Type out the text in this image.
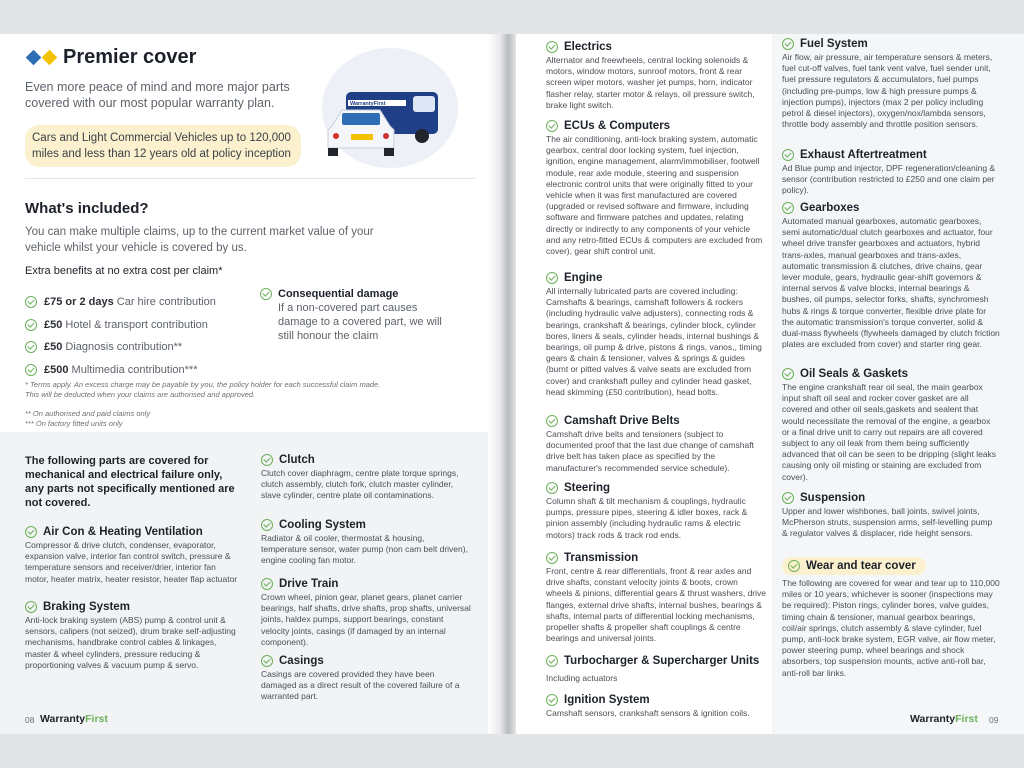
Premier cover
Even more peace of mind and more major parts covered with our most popular warranty plan.
Cars and Light Commercial Vehicles up to 120,000 miles and less than 12 years old at policy inception
WarrantyFirst
What's included?
You can make multiple claims, up to the current market value of your vehicle whilst your vehicle is covered by us.
Extra benefits at no extra cost per claim*
£75 or 2 days Car hire contribution
£50 Hotel & transport contribution
£50 Diagnosis contribution**
£500 Multimedia contribution***
Consequential damage
If a non-covered part causes damage to a covered part, we will still honour the claim
* Terms apply. An excess charge may be payable by you, the policy holder for each successful claim made. This will be deducted when your claims are authorised and approved.
** On authorised and paid claims only
*** On factory fitted units only
The following parts are covered for mechanical and electrical failure only, any parts not specifically mentioned are not covered.
Air Con & Heating Ventilation
Compressor & drive clutch, condenser, evaporator, expansion valve, interior fan control switch, pressure & temperature sensors and receiver/drier, interior fan motor, heater matrix, heater resistor, heater flap actuator
Braking System
Anti-lock braking system (ABS) pump & control unit & sensors, calipers (not seized), drum brake self-adjusting mechanisms, handbrake control cables & linkages, master & wheel cylinders, pressure reducing & proportioning valves & vacuum pump & servo.
Clutch
Clutch cover diaphragm, centre plate torque springs, clutch assembly, clutch fork, clutch master cylinder, slave cylinder, centre plate oil contaminations.
Cooling System
Radiator & oil cooler, thermostat & housing, temperature sensor, water pump (non cam belt driven), engine cooling fan motor.
Drive Train
Crown wheel, pinion gear, planet gears, planet carrier bearings, half shafts, drive shafts, prop shafts, universal joints, haldex pumps, support bearings, constant velocity joints, casings (if damaged by an internal component).
Casings
Casings are covered provided they have been damaged as a direct result of the covered failure of a warranted part.
08 WarrantyFirst
Electrics
Alternator and freewheels, central locking solenoids & motors, window motors, sunroof motors, front & rear screen wiper motors, washer jet pumps, horn, indicator flasher relay, starter motor & relays, oil pressure switch, brake light switch.
ECUs & Computers
The air conditioning, anti-lock braking system, automatic gearbox, central door locking system, fuel injection, ignition, engine management, alarm/immobiliser, footwell module, rear axle module, steering and suspension electronic control units that were originally fitted to your vehicle when it was first manufactured are covered (upgraded or revised software and firmware, including software and firmware patches and updates, relating directly or indirectly to any components of your vehicle and any retro-fitted ECUs & computers are excluded from cover), gear shift control unit.
Engine
All internally lubricated parts are covered including: Camshafts & bearings, camshaft followers & rockers (including hydraulic valve adjusters), connecting rods & bearings, crankshaft & bearings, cylinder block, cylinder bores, liners & seals, cylinder heads, internal bushings & bearings, oil pump & drive, pistons & rings, vanos,, timing gears & chain & tensioner, valves & springs & guides (burnt or pitted valves & valve seats are excluded from cover) and crankshaft pulley and cylinder head gasket, head skimming (£50 contribution), head bolts.
Camshaft Drive Belts
Camshaft drive belts and tensioners (subject to documented proof that the last due change of camshaft drive belt has taken place as specified by the manufacturer's recommended service schedule).
Steering
Column shaft & tilt mechanism & couplings, hydraulic pumps, pressure pipes, steering & idler boxes, rack & pinion assembly (including hydraulic rams & electric motors) track rods & track rod ends.
Transmission
Front, centre & rear differentials, front & rear axles and drive shafts, constant velocity joints & boots, crown wheels & pinions, differential gears & thrust washers, drive flanges, external drive shafts, internal bushes, bearings & shafts, internal parts of differential locking mechanisms, propeller shafts & propeller shaft couplings & centre bearings and universal joints.
Turbocharger & Supercharger Units
Including actuators
Ignition System
Camshaft sensors, crankshaft sensors & ignition coils.
Fuel System
Air flow, air pressure, air temperature sensors & meters, fuel cut-off valves, fuel tank vent valve, fuel sender unit, fuel pressure regulators & accumulators, fuel pumps (including pre-pumps, low & high pressure pumps & injection pumps), injectors (max 2 per policy including petrol & diesel injectors), oxygen/nox/lambda sensors, throttle body assembly and throttle position sensors.
Exhaust Aftertreatment
Ad Blue pump and injector, DPF regeneration/cleaning & sensor (contribution restricted to £250 and one claim per policy).
Gearboxes
Automated manual gearboxes, automatic gearboxes, semi automatic/dual clutch gearboxes and actuator, four wheel drive transfer gearboxes and actuators, hybrid trans-axles, manual gearboxes and trans-axles, automatic transmission & clutches, drive chains, gear lever module, gears, hydraulic gear-shift governors & internal servos & valve blocks, internal bearings & bushes, oil pumps, selector forks, shafts, synchromesh hubs & rings & torque converter, flexible drive plate for the automatic transmission's torque converter, solid & dual-mass flywheels (flywheels damaged by clutch friction plates are excluded from cover) and starter ring gear.
Oil Seals & Gaskets
The engine crankshaft rear oil seal, the main gearbox input shaft oil seal and rocker cover gasket are all covered and other oil seals,gaskets and sealent that would necessitate the removal of the engine, a gearbox or a final drive unit to carry out repairs are all covered subject to any oil leak from them being sufficiently advanced that oil can be seen to be dripping (slight leaks causing only oil misting or staining are excluded from cover).
Suspension
Upper and lower wishbones, ball joints, swivel joints, McPherson struts, suspension arms, self-levelling pump & regulator valves & displacer, ride height sensors.
Wear and tear cover
The following are covered for wear and tear up to 110,000 miles or 10 years, whichever is sooner (inspections may be required): Piston rings, cylinder bores, valve guides, timing chain & tensioner, manual gearbox bearings, coil/air springs, clutch assembly & slave cylinder, fuel pump, anti-lock brake system, EGR valve, air flow meter, power steering pump, wheel bearings and shock absorbers, top suspension mounts, active anti-roll bar, anti-roll bar links.
WarrantyFirst 09
